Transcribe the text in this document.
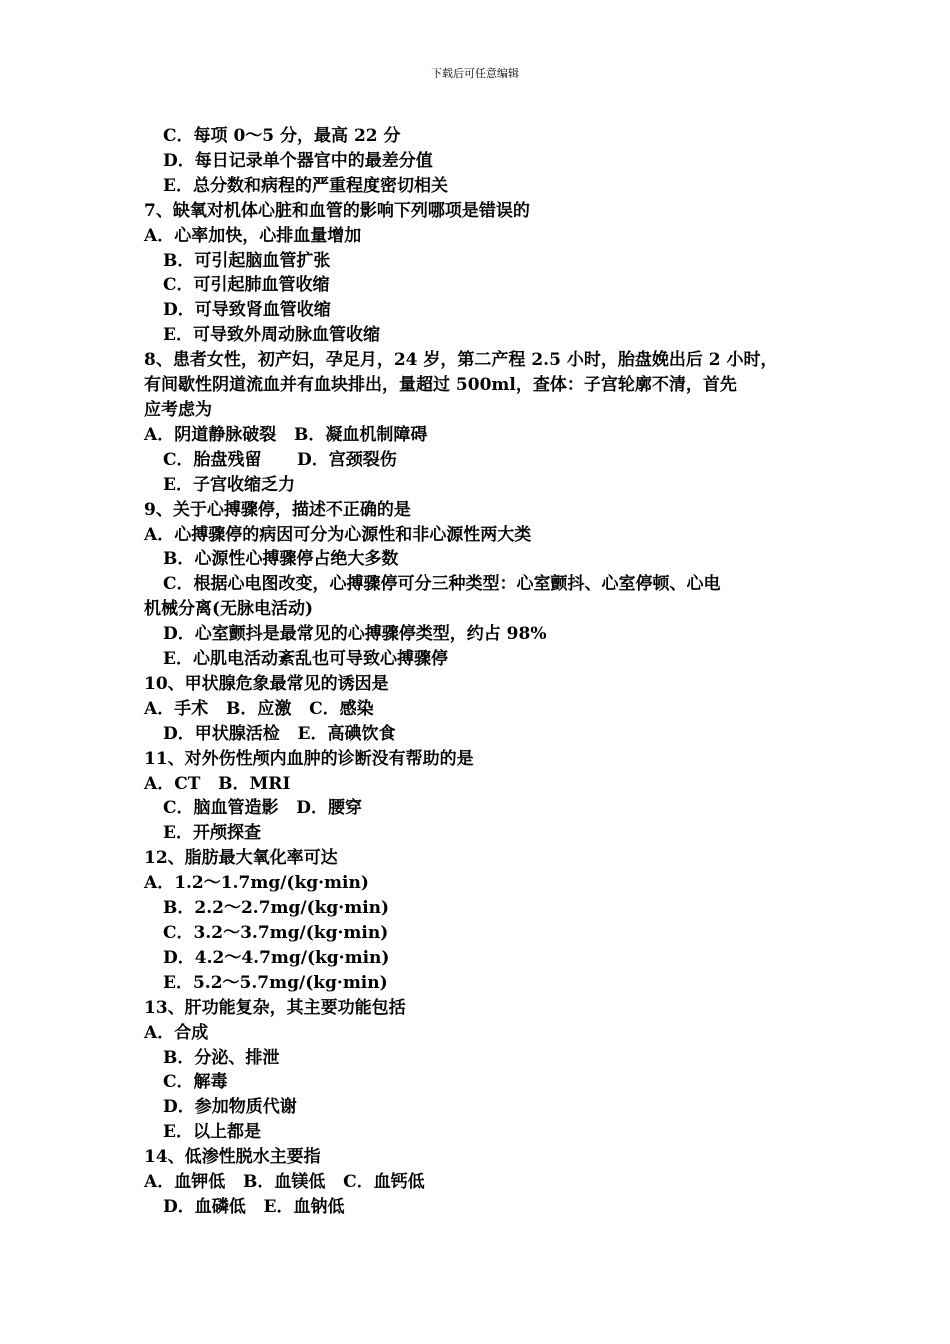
下载后可任意编辑
C．每项 0～5 分，最高 22 分
D．每日记录单个器官中的最差分值
E．总分数和病程的严重程度密切相关
7、缺氧对机体心脏和血管的影响下列哪项是错误的
A．心率加快，心排血量增加
B．可引起脑血管扩张
C．可引起肺血管收缩
D．可导致肾血管收缩
E．可导致外周动脉血管收缩
8、患者女性，初产妇，孕足月，24 岁，第二产程 2.5 小时，胎盘娩出后 2 小时，
有间歇性阴道流血并有血块排出，量超过 500ml，查体：子宫轮廓不清，首先
应考虑为
A．阴道静脉破裂   B．凝血机制障碍
C．胎盘残留      D．宫颈裂伤
E．子宫收缩乏力
9、关于心搏骤停，描述不正确的是
A．心搏骤停的病因可分为心源性和非心源性两大类
B．心源性心搏骤停占绝大多数
C．根据心电图改变，心搏骤停可分三种类型：心室颤抖、心室停顿、心电
机械分离(无脉电活动)
D．心室颤抖是最常见的心搏骤停类型，约占 98%
E．心肌电活动紊乱也可导致心搏骤停
10、甲状腺危象最常见的诱因是
A．手术   B．应激   C．感染
D．甲状腺活检   E．高碘饮食
11、对外伤性颅内血肿的诊断没有帮助的是
A．CT   B．MRI
C．脑血管造影   D．腰穿
E．开颅探查
12、脂肪最大氧化率可达
A．1.2～1.7mg/(kg·min)
B．2.2～2.7mg/(kg·min)
C．3.2～3.7mg/(kg·min)
D．4.2～4.7mg/(kg·min)
E．5.2～5.7mg/(kg·min)
13、肝功能复杂，其主要功能包括
A．合成
B．分泌、排泄
C．解毒
D．参加物质代谢
E．以上都是
14、低渗性脱水主要指
A．血钾低   B．血镁低   C．血钙低
D．血磷低   E．血钠低
